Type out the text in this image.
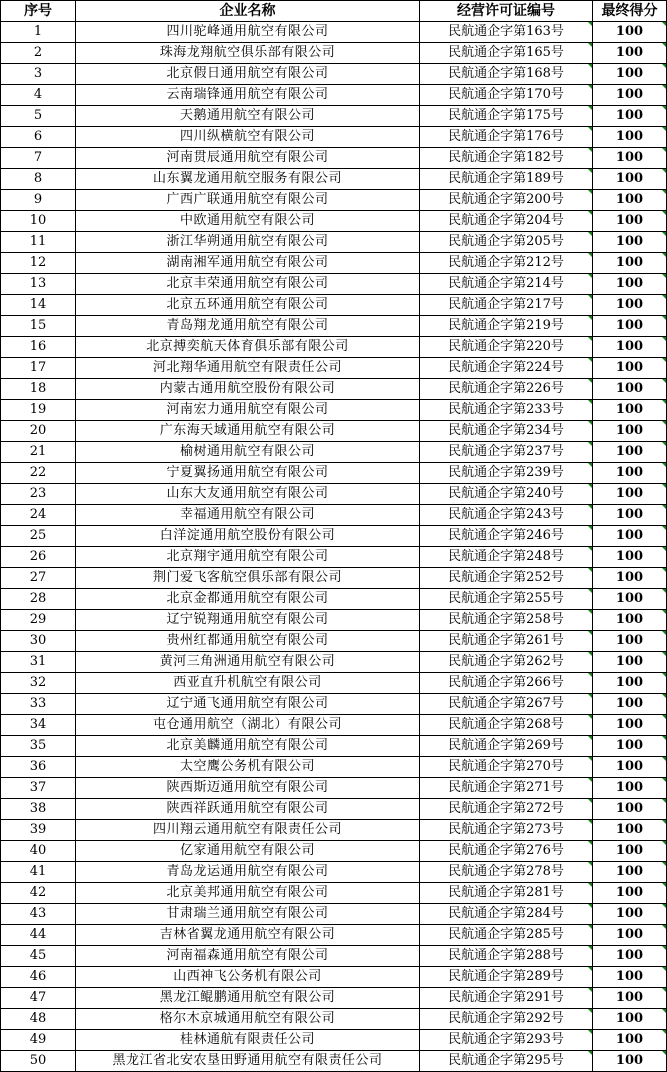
序号	企业名称	经营许可证编号	最终得分
1	四川驼峰通用航空有限公司	民航通企字第163号	100

2	珠海龙翔航空俱乐部有限公司	民航通企字第165号	100

3	北京假日通用航空有限公司	民航通企字第168号	100

4	云南瑞锋通用航空有限公司	民航通企字第170号	100

5	天鹅通用航空有限公司	民航通企字第175号	100

6	四川纵横航空有限公司	民航通企字第176号	100

7	河南贯辰通用航空有限公司	民航通企字第182号	100

8	山东翼龙通用航空服务有限公司	民航通企字第189号	100

9	广西广联通用航空有限公司	民航通企字第200号	100

10	中欧通用航空有限公司	民航通企字第204号	100

11	浙江华朔通用航空有限公司	民航通企字第205号	100

12	湖南湘军通用航空有限公司	民航通企字第212号	100

13	北京丰荣通用航空有限公司	民航通企字第214号	100

14	北京五环通用航空有限公司	民航通企字第217号	100

15	青岛翔龙通用航空有限公司	民航通企字第219号	100

16	北京搏奕航天体育俱乐部有限公司	民航通企字第220号	100

17	河北翔华通用航空有限责任公司	民航通企字第224号	100

18	内蒙古通用航空股份有限公司	民航通企字第226号	100

19	河南宏力通用航空有限公司	民航通企字第233号	100

20	广东海天域通用航空有限公司	民航通企字第234号	100

21	榆树通用航空有限公司	民航通企字第237号	100

22	宁夏翼扬通用航空有限公司	民航通企字第239号	100

23	山东大友通用航空有限公司	民航通企字第240号	100

24	幸福通用航空有限公司	民航通企字第243号	100

25	白洋淀通用航空股份有限公司	民航通企字第246号	100

26	北京翔宇通用航空有限公司	民航通企字第248号	100

27	荆门爱飞客航空俱乐部有限公司	民航通企字第252号	100

28	北京金都通用航空有限公司	民航通企字第255号	100

29	辽宁锐翔通用航空有限公司	民航通企字第258号	100

30	贵州红都通用航空有限公司	民航通企字第261号	100

31	黄河三角洲通用航空有限公司	民航通企字第262号	100

32	西亚直升机航空有限公司	民航通企字第266号	100

33	辽宁通飞通用航空有限公司	民航通企字第267号	100

34	屯仓通用航空（湖北）有限公司	民航通企字第268号	100

35	北京美麟通用航空有限公司	民航通企字第269号	100

36	太空鹰公务机有限公司	民航通企字第270号	100

37	陕西斯迈通用航空有限公司	民航通企字第271号	100

38	陕西祥跃通用航空有限公司	民航通企字第272号	100

39	四川翔云通用航空有限责任公司	民航通企字第273号	100

40	亿家通用航空有限公司	民航通企字第276号	100

41	青岛龙运通用航空有限公司	民航通企字第278号	100

42	北京美邦通用航空有限公司	民航通企字第281号	100

43	甘肃瑞兰通用航空有限公司	民航通企字第284号	100

44	吉林省翼龙通用航空有限公司	民航通企字第285号	100

45	河南福森通用航空有限公司	民航通企字第288号	100

46	山西神飞公务机有限公司	民航通企字第289号	100

47	黑龙江鲲鹏通用航空有限公司	民航通企字第291号	100

48	格尔木京城通用航空有限公司	民航通企字第292号	100

49	桂林通航有限责任公司	民航通企字第293号	100

50	黑龙江省北安农垦田野通用航空有限责任公司	民航通企字第295号	100
